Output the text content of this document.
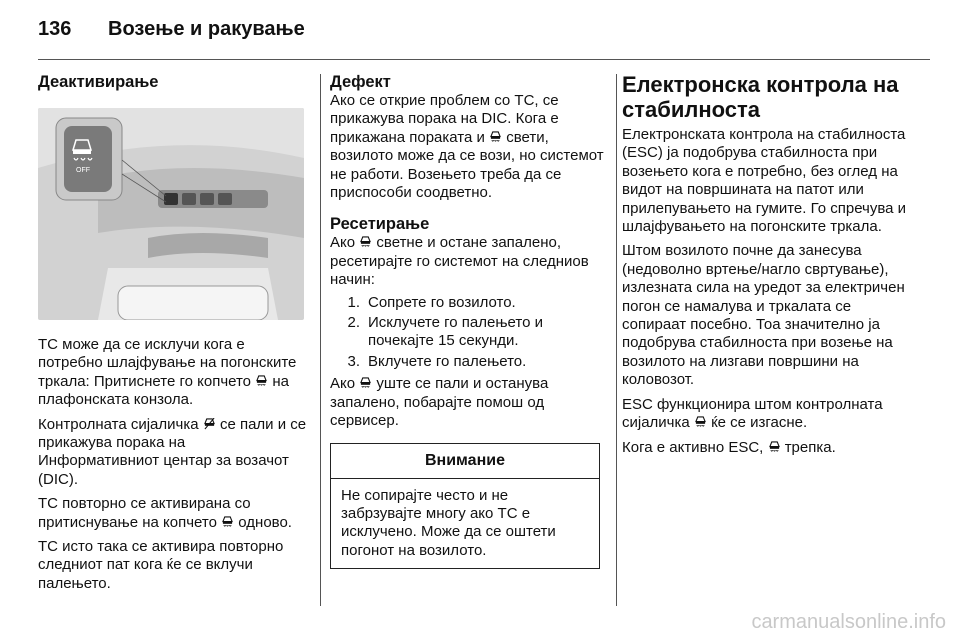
136	Возење и ракување
Деактивирање
OFF

TC може да се исклучи кога е потребно шлајфување на погонските тркала: Притиснете го копчето на плафонската конзола.

Контролната сијаличка се пали и се прикажува порака на Информативниот центар за возачот (DIC).

TC повторно се активирана со притиснување на копчето одново.

TC исто така се активира повторно следниот пат кога ќе се вклучи палењето.

Дефект

Ако се открие проблем со TC, се прикажува порака на DIC. Кога е прикажана пораката и свети, возилото може да се вози, но системот не работи. Возењето треба да се приспособи соодветно.

Ресетирање

Ако светне и остане запалено, ресетирајте го системот на следниов начин:

1. Сопрете го возилото.
2. Исклучете го палењето и почекајте 15 секунди.
3. Вклучете го палењето.

Ако уште се пали и останува запалено, побарајте помош од сервисер.

Внимание
Не сопирајте често и не забрзувајте многу ако TC е исклучено. Може да се оштети погонот на возилото.
Електронска контрола на стабилноста

Електронската контрола на стабилноста (ESC) ја подобрува стабилноста при возењето кога е потребно, без оглед на видот на површината на патот или прилепувањето на гумите. Го спречува и шлајфувањето на погонските тркала.

Штом возилото почне да занесува (недоволно вртење/нагло свртување), излезната сила на уредот за електричен погон се намалува и тркалата се сопираат посебно. Тоа значително ја подобрува стабилноста при возење на возилото на лизгави површини на коловозот.

ESC функционира штом контролната сијаличка ќе се изгасне.

Кога е активно ESC, трепка.

carmanualsonline.info
